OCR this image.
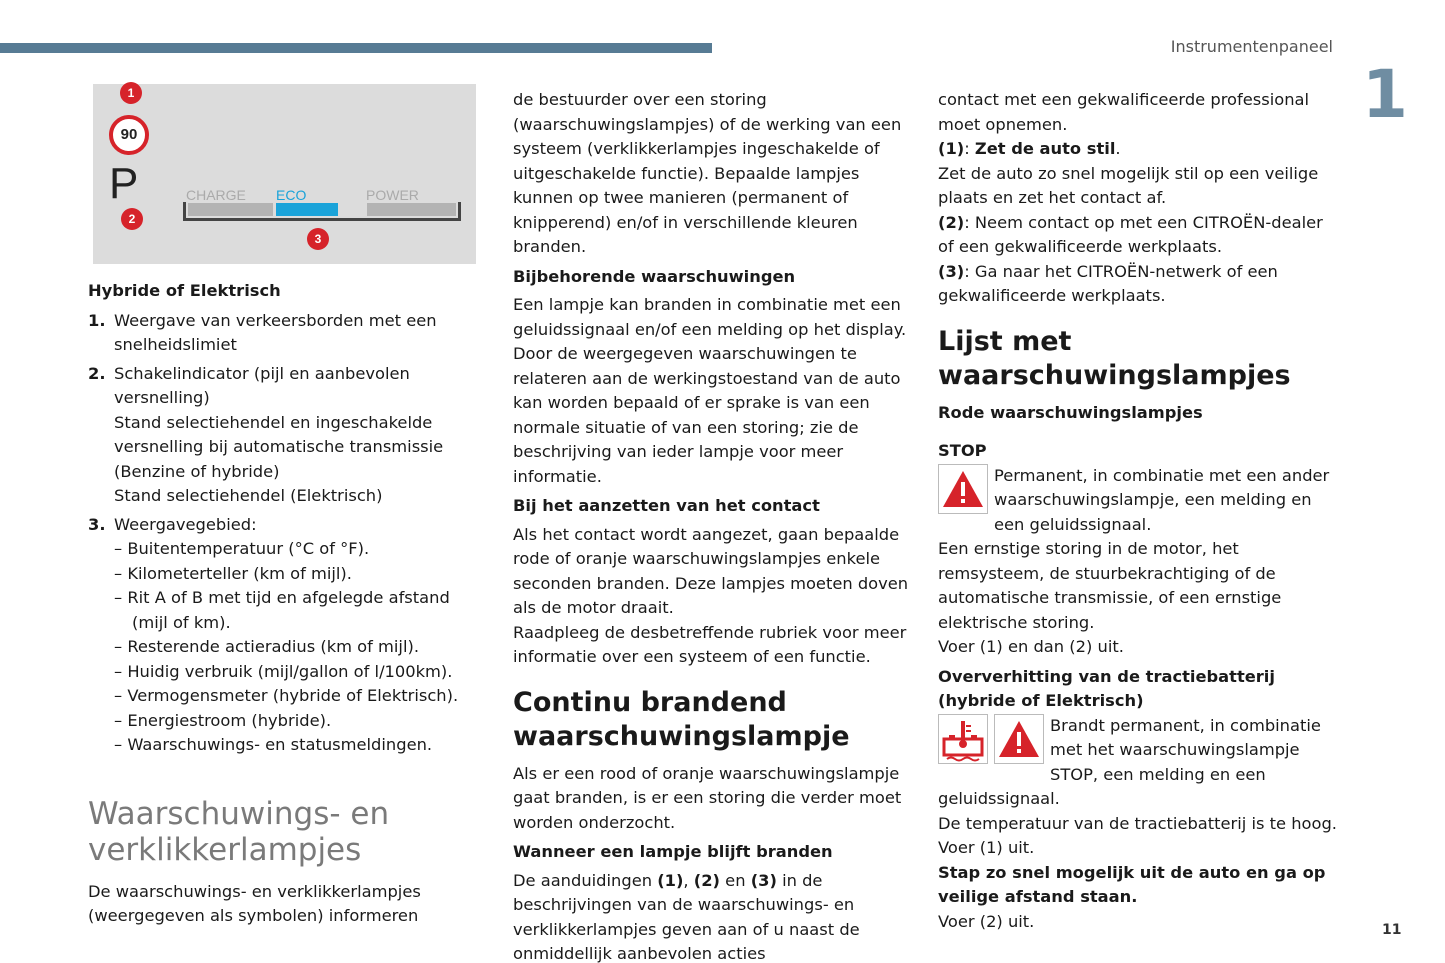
Instrumentenpaneel
1
11
1
90
P
2
CHARGE ECO	POWER
3
Hybride of Elektrisch
1. Weergave van verkeersborden met een snelheidslimiet
2. Schakelindicator (pijl en aanbevolen versnelling)
Stand selectiehendel en ingeschakelde versnelling bij automatische transmissie (Benzine of hybride)
Stand selectiehendel (Elektrisch)
3. Weergavegebied:
– Buitentemperatuur (°C of °F).
– Kilometerteller (km of mijl).
– Rit A of B met tijd en afgelegde afstand (mijl of km).
– Resterende actieradius (km of mijl).
– Huidig verbruik (mijl/gallon of l/100km).
– Vermogensmeter (hybride of Elektrisch).
– Energiestroom (hybride).
– Waarschuwings- en statusmeldingen.
Waarschuwings- en verklikkerlampjes

De waarschuwings- en verklikkerlampjes (weergegeven als symbolen) informeren

de bestuurder over een storing (waarschuwingslampjes) of de werking van een systeem (verklikkerlampjes ingeschakelde of uitgeschakelde functie). Bepaalde lampjes kunnen op twee manieren (permanent of knipperend) en/of in verschillende kleuren branden.

Bijbehorende waarschuwingen

Een lampje kan branden in combinatie met een geluidssignaal en/of een melding op het display.

Door de weergegeven waarschuwingen te relateren aan de werkingstoestand van de auto kan worden bepaald of er sprake is van een normale situatie of van een storing; zie de beschrijving van ieder lampje voor meer informatie.

Bij het aanzetten van het contact

Als het contact wordt aangezet, gaan bepaalde rode of oranje waarschuwingslampjes enkele seconden branden. Deze lampjes moeten doven als de motor draait.

Raadpleeg de desbetreffende rubriek voor meer informatie over een systeem of een functie.

Continu brandend waarschuwingslampje

Als er een rood of oranje waarschuwingslampje gaat branden, is er een storing die verder moet worden onderzocht.

Wanneer een lampje blijft branden

De aanduidingen (1), (2) en (3) in de beschrijvingen van de waarschuwings- en verklikkerlampjes geven aan of u naast de onmiddellijk aanbevolen acties

contact met een gekwalificeerde professional moet opnemen.

(1): Zet de auto stil.

Zet de auto zo snel mogelijk stil op een veilige plaats en zet het contact af.

(2): Neem contact op met een CITROËN-dealer of een gekwalificeerde werkplaats.

(3): Ga naar het CITROËN-netwerk of een gekwalificeerde werkplaats.

Lijst met waarschuwingslampjes
Rode waarschuwingslampjes
STOP

Permanent, in combinatie met een ander waarschuwingslampje, een melding en een geluidssignaal.

Een ernstige storing in de motor, het remsysteem, de stuurbekrachtiging of de automatische transmissie, of een ernstige elektrische storing.

Voer (1) en dan (2) uit.

Oververhitting van de tractiebatterij (hybride of Elektrisch)

Brandt permanent, in combinatie met het waarschuwingslampje STOP, een melding en een geluidssignaal.

De temperatuur van de tractiebatterij is te hoog.

Voer (1) uit.

Stap zo snel mogelijk uit de auto en ga op veilige afstand staan.

Voer (2) uit.
